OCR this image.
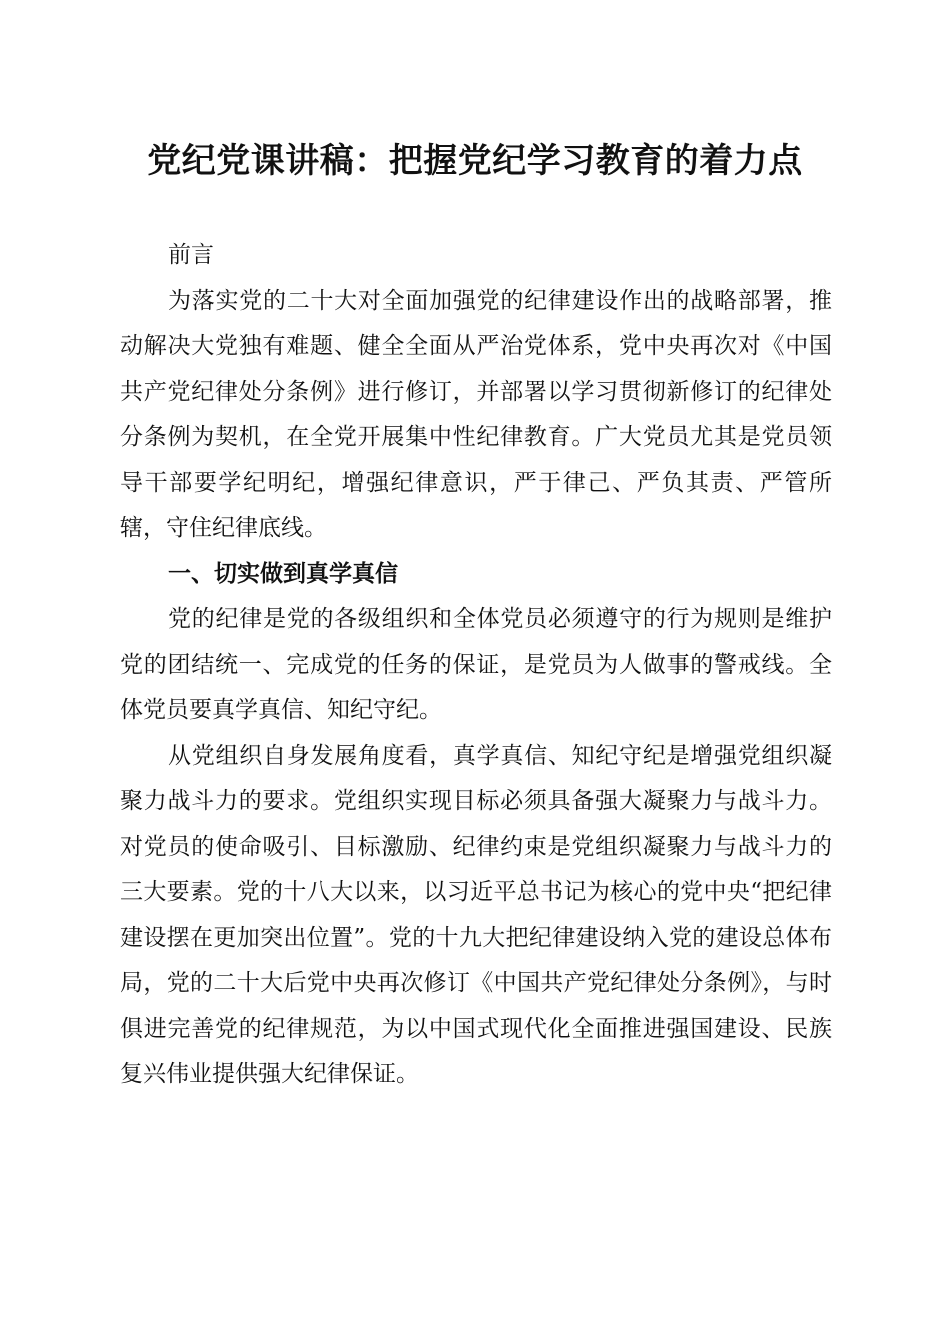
党纪党课讲稿：把握党纪学习教育的着力点

前言

为落实党的二十大对全面加强党的纪律建设作出的战略部署，推动解决大党独有难题、健全全面从严治党体系，党中央再次对《中国共产党纪律处分条例》进行修订，并部署以学习贯彻新修订的纪律处分条例为契机，在全党开展集中性纪律教育。广大党员尤其是党员领导干部要学纪明纪，增强纪律意识，严于律己、严负其责、严管所辖，守住纪律底线。

一、切实做到真学真信

党的纪律是党的各级组织和全体党员必须遵守的行为规则是维护党的团结统一、完成党的任务的保证，是党员为人做事的警戒线。全体党员要真学真信、知纪守纪。

从党组织自身发展角度看，真学真信、知纪守纪是增强党组织凝聚力战斗力的要求。党组织实现目标必须具备强大凝聚力与战斗力。对党员的使命吸引、目标激励、纪律约束是党组织凝聚力与战斗力的三大要素。党的十八大以来，以习近平总书记为核心的党中央“把纪律建设摆在更加突出位置”。党的十九大把纪律建设纳入党的建设总体布局，党的二十大后党中央再次修订《中国共产党纪律处分条例》，与时俱进完善党的纪律规范，为以中国式现代化全面推进强国建设、民族复兴伟业提供强大纪律保证。
